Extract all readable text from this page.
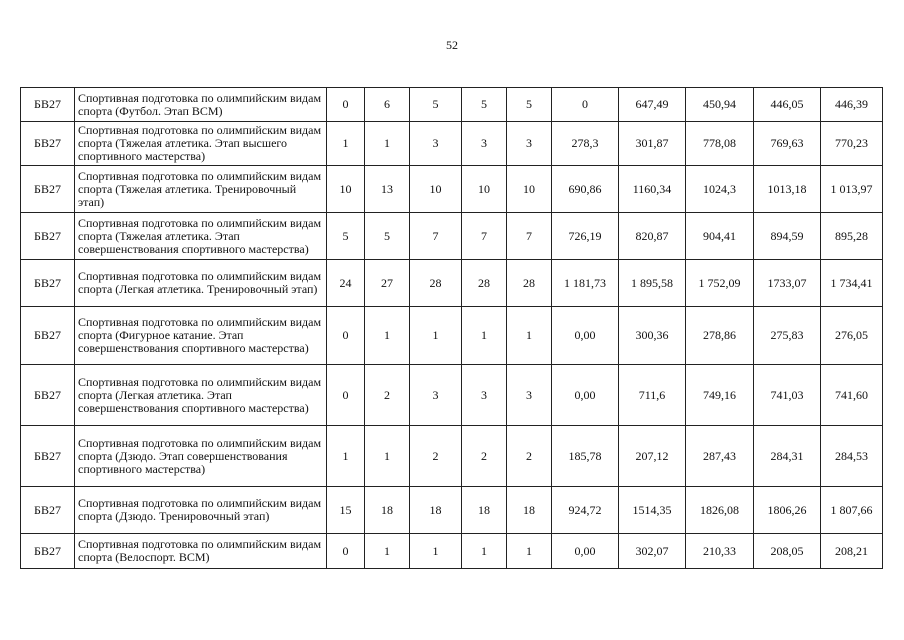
52
БВ27	Спортивная подготовка по олимпийским видам спорта (Футбол. Этап ВСМ)	0	6	5	5	5	0	647,49	450,94	446,05	446,39
БВ27	Спортивная подготовка по олимпийским видам спорта (Тяжелая атлетика. Этап высшего спортивного мастерства)	1	1	3	3	3	278,3	301,87	778,08	769,63	770,23
БВ27	Спортивная подготовка по олимпийским видам спорта (Тяжелая атлетика. Тренировочный этап)	10	13	10	10	10	690,86	1160,34	1024,3	1013,18	1 013,97
БВ27	Спортивная подготовка по олимпийским видам спорта (Тяжелая атлетика. Этап совершенствования спортивного мастерства)	5	5	7	7	7	726,19	820,87	904,41	894,59	895,28
БВ27	Спортивная подготовка по олимпийским видам спорта (Легкая атлетика. Тренировочный этап)	24	27	28	28	28	1 181,73	1 895,58	1 752,09	1733,07	1 734,41
БВ27	Спортивная подготовка по олимпийским видам спорта (Фигурное катание. Этап совершенствования спортивного мастерства)	0	1	1	1	1	0,00	300,36	278,86	275,83	276,05
БВ27	Спортивная подготовка по олимпийским видам спорта (Легкая атлетика. Этап совершенствования спортивного мастерства)	0	2	3	3	3	0,00	711,6	749,16	741,03	741,60
БВ27	Спортивная подготовка по олимпийским видам спорта (Дзюдо. Этап совершенствования спортивного мастерства)	1	1	2	2	2	185,78	207,12	287,43	284,31	284,53
БВ27	Спортивная подготовка по олимпийским видам спорта (Дзюдо. Тренировочный этап)	15	18	18	18	18	924,72	1514,35	1826,08	1806,26	1 807,66
БВ27	Спортивная подготовка по олимпийским видам спорта (Велоспорт. ВСМ)	0	1	1	1	1	0,00	302,07	210,33	208,05	208,21
